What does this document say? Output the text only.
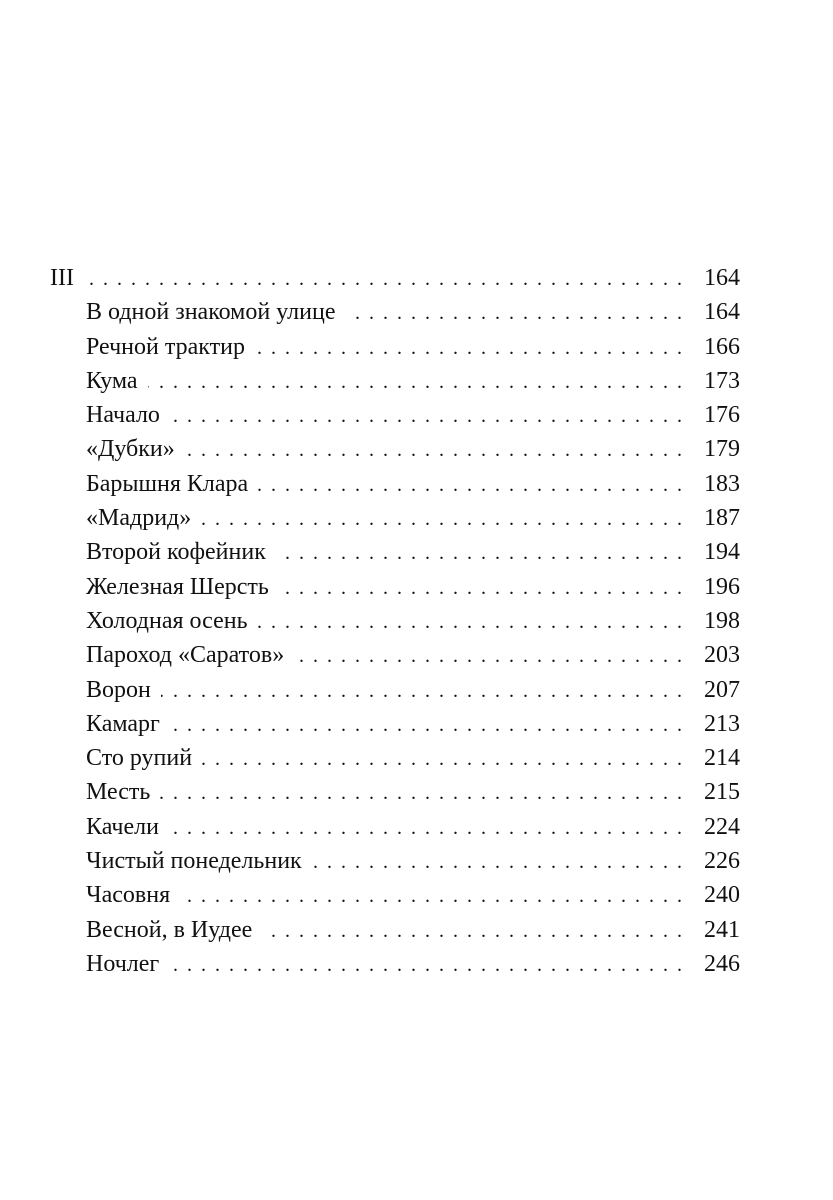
III . . .	164
В одной знакомой улице . . .	164
Речной трактир . . .	166
Кума . . .	173
Начало . . .	176
«Дубки» . . .	179
Барышня Клара . . .	183
«Мадрид» . . .	187
Второй кофейник . . .	194
Железная Шерсть . . .	196
Холодная осень . . .	198
Пароход «Саратов» . . .	203
Ворон . . .	207
Камарг . . .	213
Сто рупий . . .	214
Месть . . .	215
Качели . . .	224
Чистый понедельник . . .	226
Часовня . . .	240
Весной, в Иудее . . .	241
Ночлег . . .	246
